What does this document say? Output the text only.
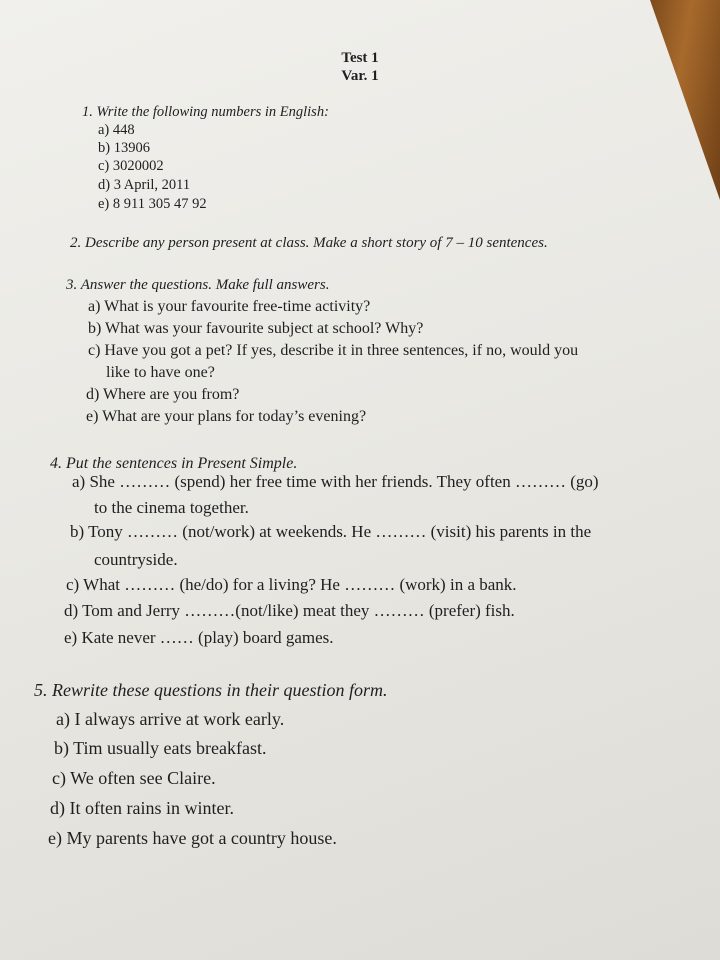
Test 1
Var. 1
1. Write the following numbers in English:
a) 448
b) 13906
c) 3020002
d) 3 April, 2011
e) 8 911 305 47 92
2. Describe any person present at class. Make a short story of 7 – 10 sentences.
3. Answer the questions. Make full answers.
a) What is your favourite free-time activity?
b) What was your favourite subject at school? Why?
c) Have you got a pet? If yes, describe it in three sentences, if no, would you
like to have one?
d) Where are you from?
e) What are your plans for today’s evening?
4. Put the sentences in Present Simple.
a) She ……… (spend) her free time with her friends. They often ……… (go)
to the cinema together.
b) Tony ……… (not/work) at weekends. He ……… (visit) his parents in the
countryside.
c) What ……… (he/do) for a living? He ……… (work) in a bank.
d) Tom and Jerry ………(not/like) meat they ……… (prefer) fish.
e) Kate never …… (play) board games.
5. Rewrite these questions in their question form.
a) I always arrive at work early.
b) Tim usually eats breakfast.
c) We often see Claire.
d) It often rains in winter.
e) My parents have got a country house.
